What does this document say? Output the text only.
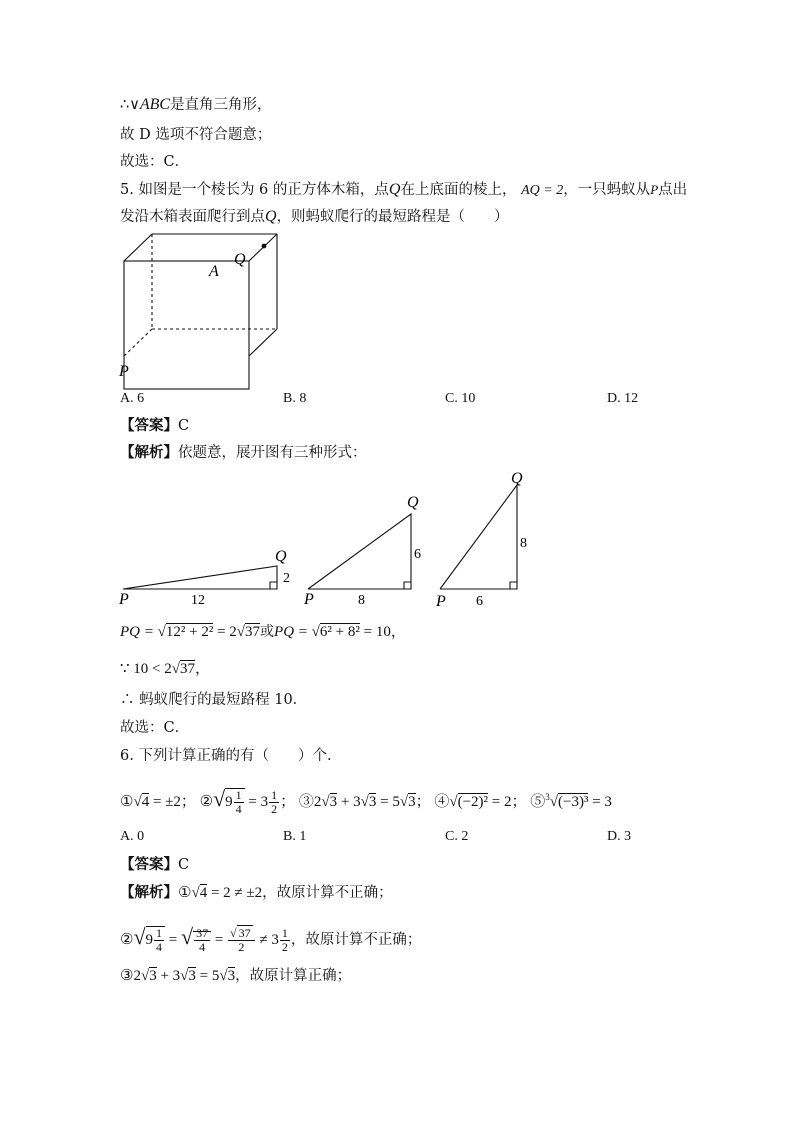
∴∨ABC是直角三角形，
故 D 选项不符合题意；
故选：C．
5. 如图是一个棱长为 6 的正方体木箱，点Q在上底面的棱上， AQ = 2，一只蚂蚁从P点出
发沿木箱表面爬行到点Q，则蚂蚁爬行的最短路程是（　　）
A
Q
P
A. 6	B. 8	C. 10	D. 12
【答案】C
【解析】依题意，展开图有三种形式：
Q
P	12
2
Q
P	8
6
Q
P 6
8
PQ = √12² + 2² = 2√37或PQ = √6² + 8² = 10，
∵ 10 < 2√37，
∴ 蚂蚁爬行的最短路程 10．
故选：C．
6. 下列计算正确的有（　　）个.
①√4 = ±2； ②√ $9 \frac{1}{4} = 3 \frac{1}{2}$ ； ③2√3 + 3√3 = 5√3； ④√(−2)² = 2； ⑤$^3$√(−3)³ = 3
A. 0	B. 1	C. 2	D. 3
【答案】C
【解析】①√4 = 2 ≠ ±2，故原计算不正确；
②√ $9 \frac{1}{4}$ = √ $\frac{37}{4} = \frac{√ 37}{2} \ne 3 \frac{1}{2}$ ，故原计算不正确；
③2√3 + 3√3 = 5√3，故原计算正确；
